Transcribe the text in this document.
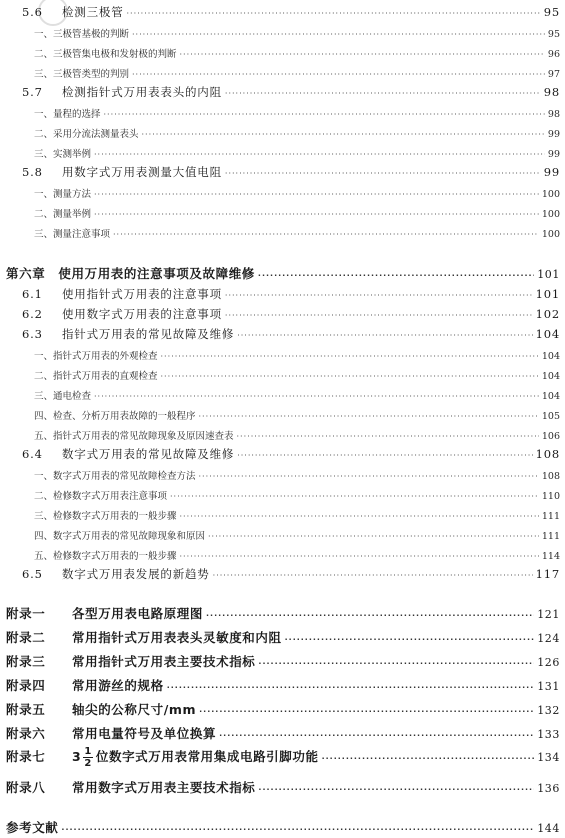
5.6 检测三极管 ·····	95
一、三极管基极的判断 ·····	95
二、三极管集电极和发射极的判断 ·····	96
三、三极管类型的判别 ·····	97
5.7 检测指针式万用表表头的内阻 ·····	98
一、量程的选择 ·····	98
二、采用分流法测量表头 ·····	99
三、实测举例 ·····	99
5.8 用数字式万用表测量大值电阻 ·····	99
一、测量方法 ·····	100
二、测量举例 ·····	100
三、测量注意事项 ·····	100
第六章　使用万用表的注意事项及故障维修 ·····	101
6.1 使用指针式万用表的注意事项 ·····	101
6.2 使用数字式万用表的注意事项 ·····	102
6.3 指针式万用表的常见故障及维修 ·····	104
一、指针式万用表的外观检查 ·····	104
二、指针式万用表的直观检查 ·····	104
三、通电检查 ·····	104
四、检查、分析万用表故障的一般程序 ·····	105
五、指针式万用表的常见故障现象及原因速查表 ·····	106
6.4 数字式万用表的常见故障及维修 ·····	108
一、数字式万用表的常见故障检查方法 ·····	108
二、检修数字式万用表注意事项 ·····	110
三、检修数字式万用表的一般步骤 ·····	111
四、数字式万用表的常见故障现象和原因 ·····	111
五、检修数字式万用表的一般步骤 ·····	114
6.5 数字式万用表发展的新趋势 ·····	117
附录一 各型万用表电路原理图 ·····	121
附录二 常用指针式万用表表头灵敏度和内阻 ·····	124
附录三 常用指针式万用表主要技术指标 ·····	126
附录四 常用游丝的规格 ·····	131
附录五 轴尖的公称尺寸/mm ·····	132
附录六 常用电量符号及单位换算 ·····	133
附录七 $3 \frac{1}{2}$ 位数字式万用表常用集成电路引脚功能 ·····	134
附录八 常用数字式万用表主要技术指标 ·····	136
参考文献 ·····	144
